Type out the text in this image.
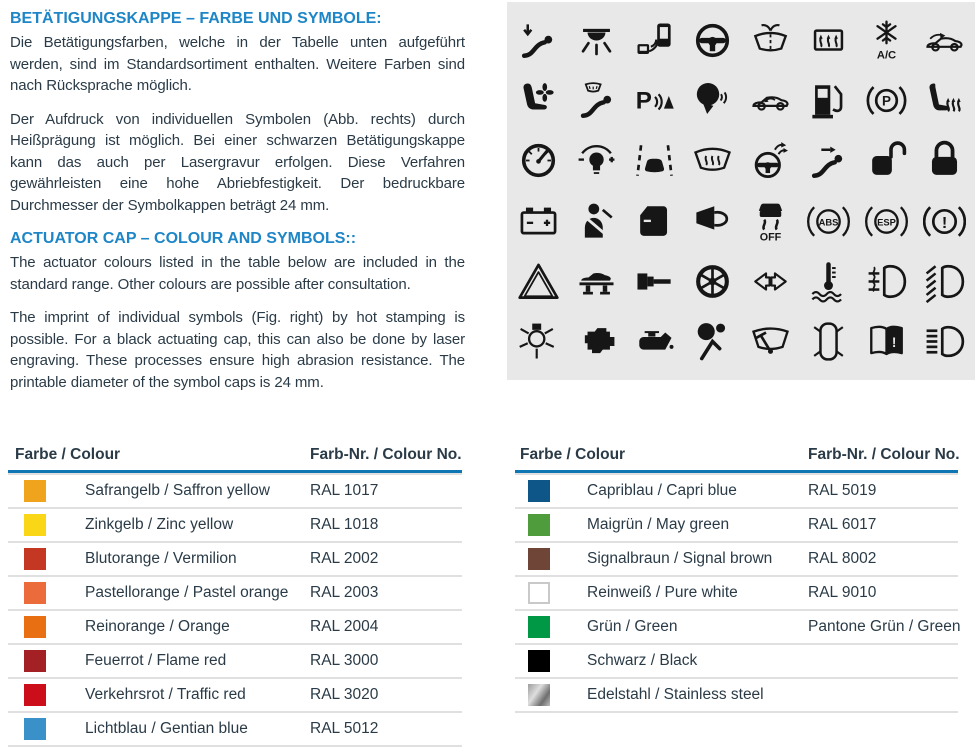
BETÄTIGUNGSKAPPE – FARBE UND SYMBOLE:

Die Betätigungsfarben, welche in der Tabelle unten aufgeführt werden, sind im Standardsortiment enthalten. Weitere Farben sind nach Rücksprache möglich.

Der Aufdruck von individuellen Symbolen (Abb. rechts) durch Heißprägung ist möglich. Bei einer schwarzen Betätigungskappe kann das auch per Lasergravur erfolgen. Diese Verfahren gewährleisten eine hohe Abriebfestigkeit. Der bedruckbare Durchmesser der Symbolkappen beträgt 24 mm.

ACTUATOR CAP – COLOUR AND SYMBOLS::

The actuator colours listed in the table below are included in the standard range. Other colours are possible after consultation.

The imprint of individual symbols (Fig. right) by hot stamping is possible. For a black actuating cap, this can also be done by laser engraving. These processes ensure high abrasion resistance. The printable diameter of the symbol caps is 24 mm.

A/C
P	P
OFF
ABS	ESP	!
!
Farbe / Colour	Farb-Nr. / Colour No.
Safrangelb / Saffron yellow	RAL 1017
Zinkgelb / Zinc yellow	RAL 1018
Blutorange / Vermilion	RAL 2002
Pastellorange / Pastel orange RAL 2003
Reinorange / Orange	RAL 2004
Feuerrot / Flame red	RAL 3000
Verkehrsrot / Traffic red	RAL 3020
Lichtblau / Gentian blue	RAL 5012
Farbe / Colour	Farb-Nr. / Colour No.
Capriblau / Capri blue	RAL 5019
Maigrün / May green	RAL 6017
Signalbraun / Signal brown RAL 8002
Reinweiß / Pure white	RAL 9010
Grün / Green	Pantone Grün / Green
Schwarz / Black
Edelstahl / Stainless steel
